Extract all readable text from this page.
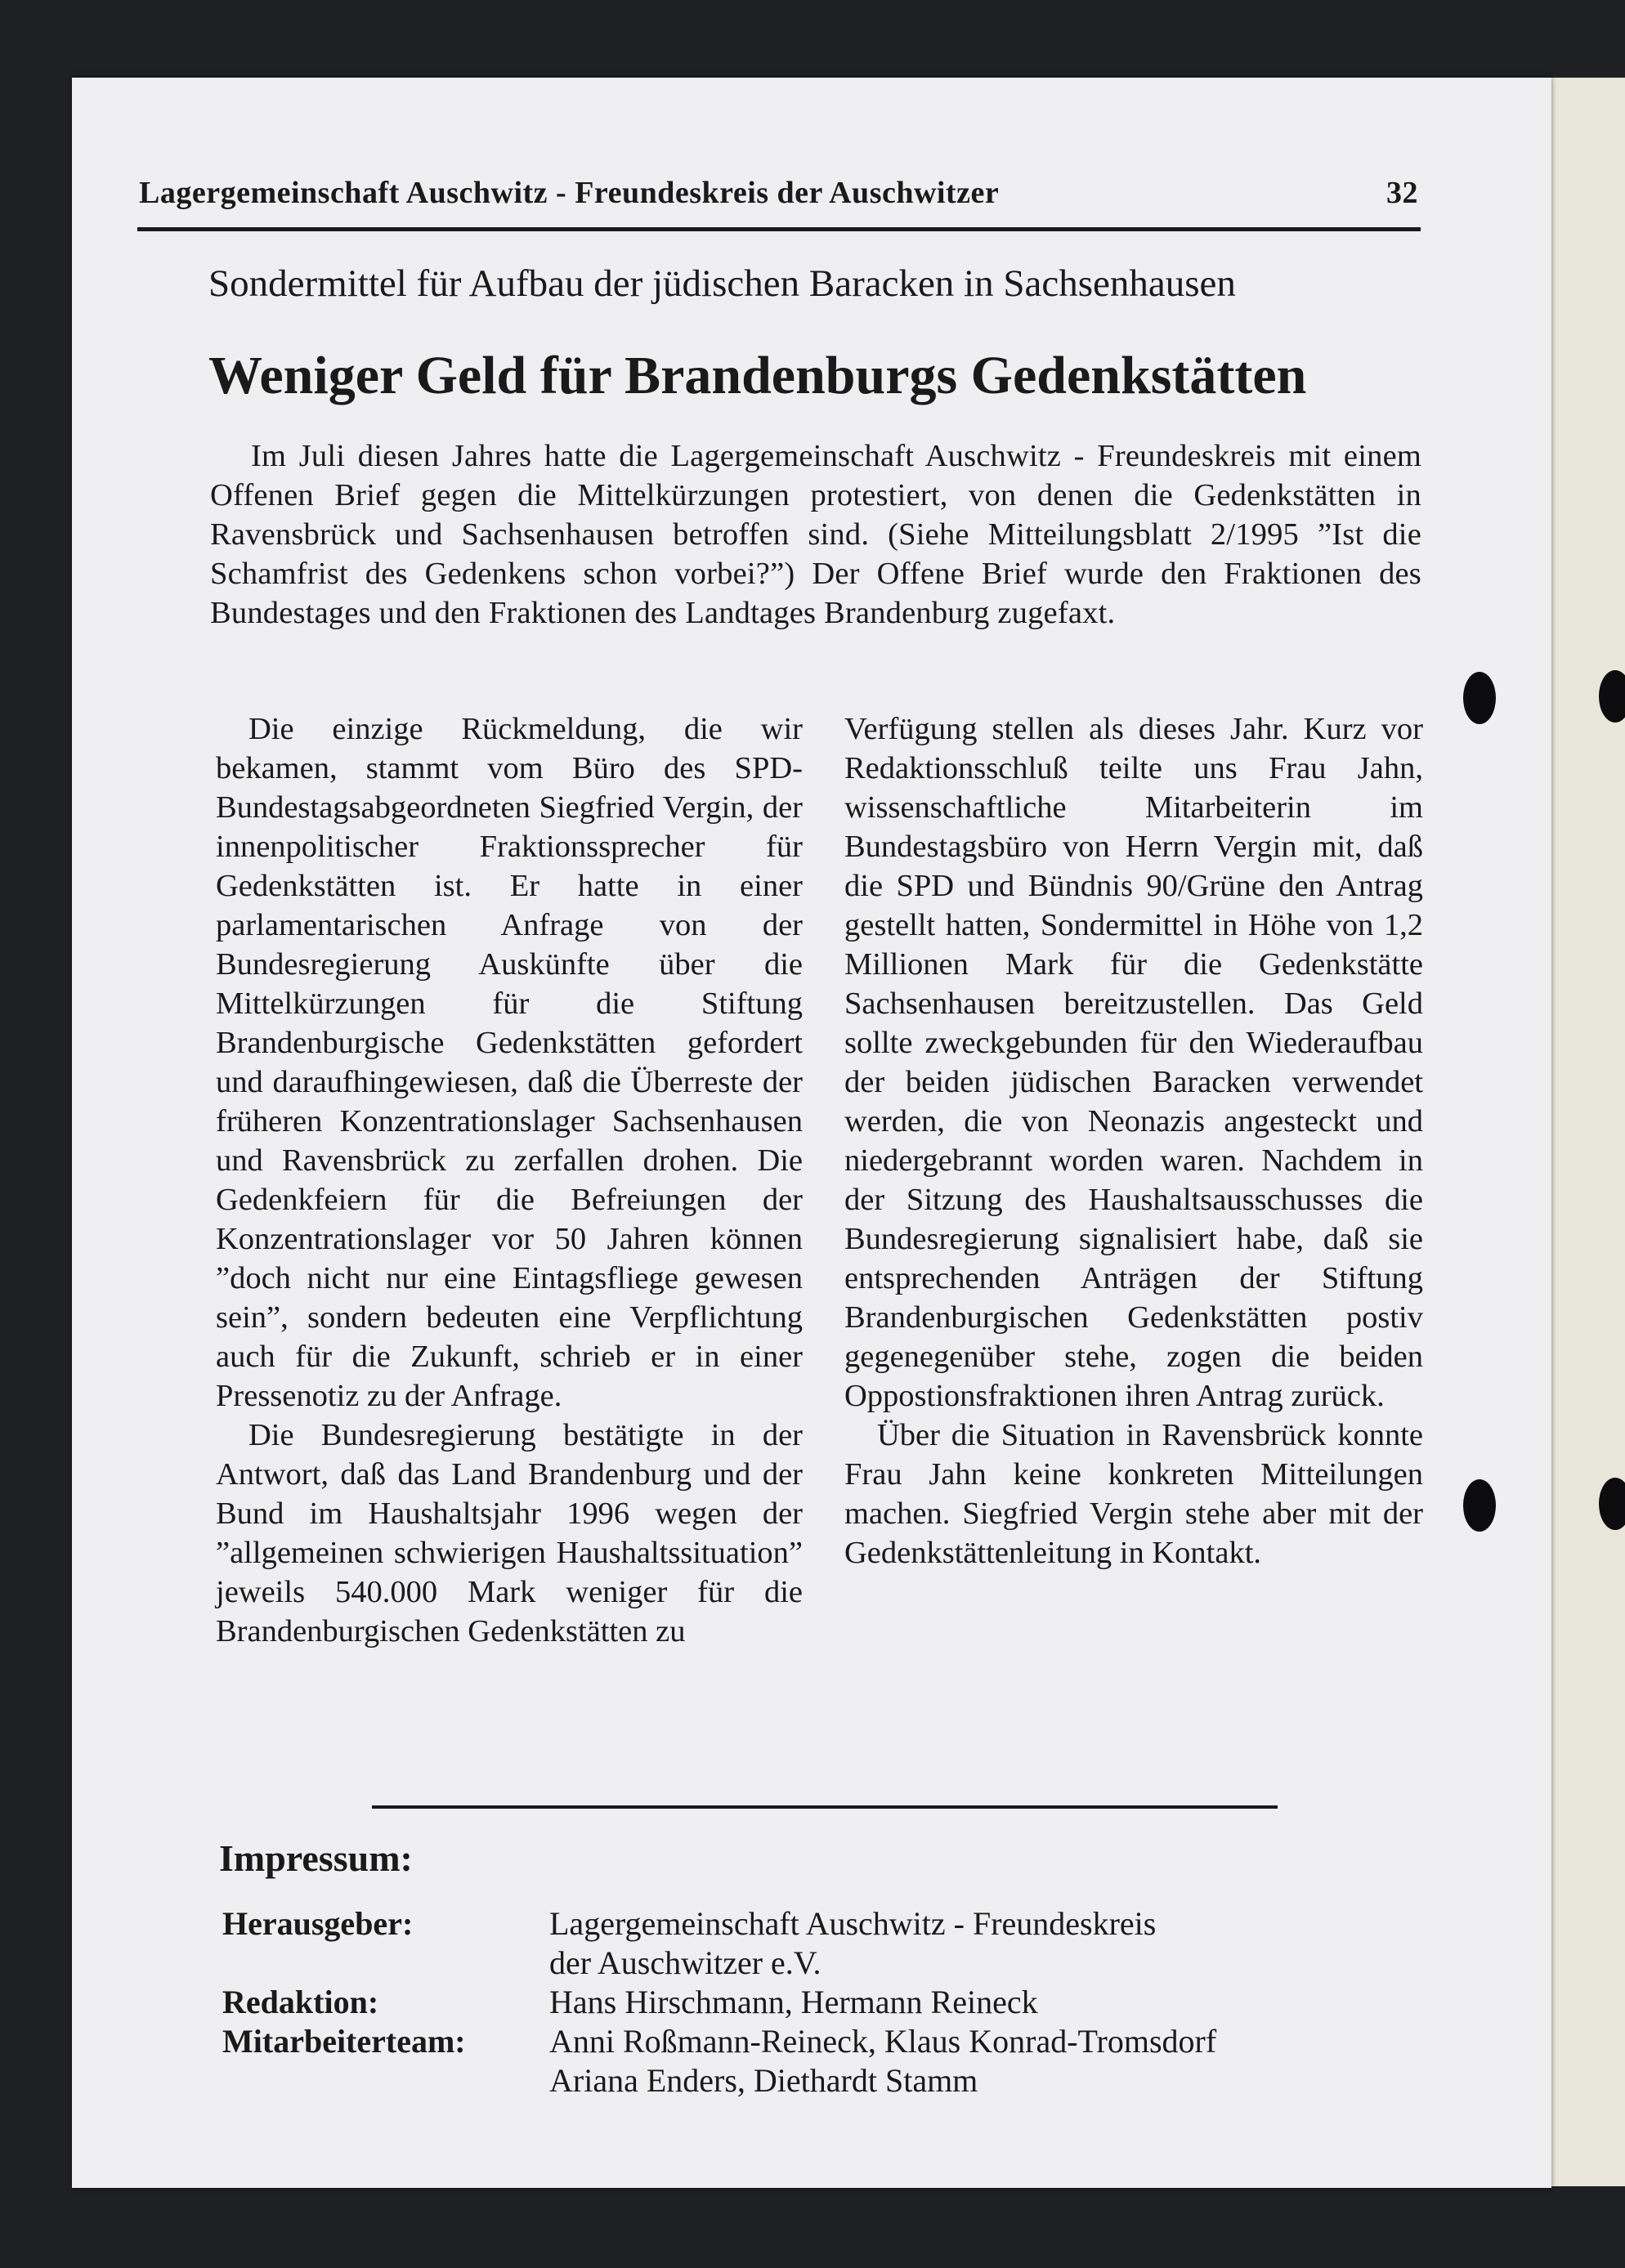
Lagergemeinschaft Auschwitz - Freundeskreis der Auschwitzer	32
Sondermittel für Aufbau der jüdischen Baracken in Sachsenhausen
Weniger Geld für Brandenburgs Gedenkstätten

Im Juli diesen Jahres hatte die Lagergemeinschaft Auschwitz - Freundeskreis mit einem Offenen Brief gegen die Mittelkürzungen protestiert, von denen die Gedenkstätten in Ravensbrück und Sachsenhausen betroffen sind. (Siehe Mitteilungsblatt 2/1995 ”Ist die Schamfrist des Gedenkens schon vorbei?”) Der Offene Brief wurde den Fraktionen des Bundestages und den Fraktionen des Landtages Brandenburg zugefaxt.

Die einzige Rückmeldung, die wir bekamen, stammt vom Büro des SPD-Bundestagsabgeordneten Siegfried Vergin, der innenpolitischer Fraktionssprecher für Gedenkstätten ist. Er hatte in einer parlamentarischen Anfrage von der Bundesregierung Auskünfte über die Mittelkürzungen für die Stiftung Brandenburgische Gedenkstätten gefordert und daraufhingewiesen, daß die Überreste der früheren Konzentrationslager Sachsenhausen und Ravensbrück zu zerfallen drohen. Die Gedenkfeiern für die Befreiungen der Konzentrationslager vor 50 Jahren können ”doch nicht nur eine Eintagsfliege gewesen sein”, sondern bedeuten eine Verpflichtung auch für die Zukunft, schrieb er in einer Pressenotiz zu der Anfrage.

Die Bundesregierung bestätigte in der Antwort, daß das Land Brandenburg und der Bund im Haushaltsjahr 1996 wegen der ”allgemeinen schwierigen Haushaltssituation” jeweils 540.000 Mark weniger für die Brandenburgischen Gedenkstätten zu

Verfügung stellen als dieses Jahr. Kurz vor Redaktionsschluß teilte uns Frau Jahn, wissenschaftliche Mitarbeiterin im Bundestagsbüro von Herrn Vergin mit, daß die SPD und Bündnis 90/Grüne den Antrag gestellt hatten, Sondermittel in Höhe von 1,2 Millionen Mark für die Gedenkstätte Sachsenhausen bereitzustellen. Das Geld sollte zweckgebunden für den Wiederaufbau der beiden jüdischen Baracken verwendet werden, die von Neonazis angesteckt und niedergebrannt worden waren. Nachdem in der Sitzung des Haushaltsausschusses die Bundesregierung signalisiert habe, daß sie entsprechenden Anträgen der Stiftung Brandenburgischen Gedenkstätten postiv gegenegenüber stehe, zogen die beiden Oppostionsfraktionen ihren Antrag zurück.

Über die Situation in Ravensbrück konnte Frau Jahn keine konkreten Mitteilungen machen. Siegfried Vergin stehe aber mit der Gedenkstättenleitung in Kontakt.

Impressum:
Herausgeber:	Lagergemeinschaft Auschwitz - Freundeskreis
der Auschwitzer e.V.
Redaktion:	Hans Hirschmann, Hermann Reineck
Mitarbeiterteam:	Anni Roßmann-Reineck, Klaus Konrad-Tromsdorf
Ariana Enders, Diethardt Stamm
